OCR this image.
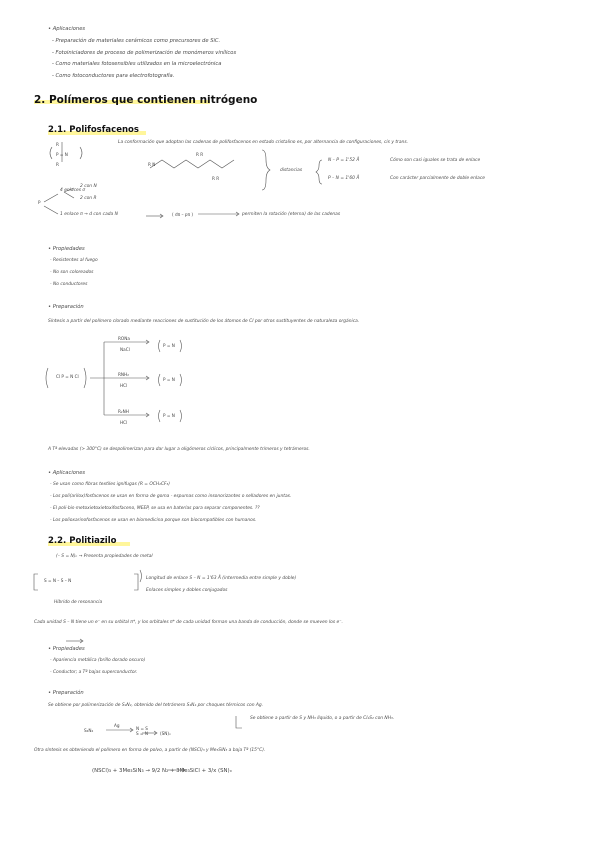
• Aplicaciones
- Preparación de materiales cerámicos como precursores de SiC.
- Fotoiniciadores de proceso de polimerización de monómeros vinílicos
- Como materiales fotosensibles utilizados en la microelectrónica
- Como fotoconductores para electrofotografía.
2. Polímeros que contienen nitrógeno
2.1. Polifosfacenos
La conformación que adoptan las cadenas de polifosfacenos en estado cristalino es, por alternancia de configuraciones, cis y trans.
R
P = N
R	R N
R R
R R
distancias
N – P = 1'52 Å
P – N = 1'60 Å
Cómo son casi iguales se trata de enlace
Con carácter parcialmente de doble enlace
P
4 enlaces σ
2 con N
2 con R
1 enlace π → d con cada N	( dπ – pπ )	permiten la rotación (eterna) de las cadenas
• Propiedades
- Resistentes al fuego
- No son coloreados
- No conductores
• Preparación
Síntesis a partir del polímero clorado mediante reacciones de sustitución de los átomos de Cl por otros sustituyentes de naturaleza orgánica.
Cl P = N Cl
RONa
NaCl
RNH₂
HCl
R₂NH
HCl
P = N
P = N
P = N
A Tª elevadas (> 300°C) se despolimerizan para dar lugar a oligómeros cíclicos, principalmente trímeros y tetrámeros.
• Aplicaciones
- Se usan como fibras textiles ignífugas (R = OCH₂CF₃)
- Los poli(arilox)fosfacenos se usan en forma de goma - espumas como insonorizantes o selladores en juntas.
- El poli-bis-metoxietoxietoxifosfaceno, MEEP, se usa en baterías para separar componentes. ??
- Los polioxarinofosfacenos se usan en biomedicina porque son biocompatibles con humanos.
2.2. Politiazilo
(– S = N)ₙ → Presenta propiedades de metal
S = N – S – N	Longitud de enlace S – N = 1'63 Å (intermedia entre simple y doble)
Enlaces simples y dobles conjugados
Híbrido de resonancia
Cada unidad S – N tiene un e⁻ en su orbital π*, y los orbitales π* de cada unidad forman una banda de conducción, donde se mueven los e⁻.
• Propiedades
- Apariencia metálica (brillo dorado oscuro)
- Conductor; a Tª bajas superconductor.
• Preparación
Se obtiene por polimerización de S₂N₂, obtenido del tetrámero S₄N₄ por choques térmicos con Ag.
Se obtiene a partir de S y NH₃ líquido, o a partir de Cl₂S₂ con NH₃.
S₄N₄
Ag
N = S
S = N	(SN)ₓ
Otra síntesis es obteniendo el polímero en forma de polvo, a partir de (NSCl)₃ y Me₃SiN₃ a baja Tª (15°C).
(NSCl)₃ + 3Me₃SiN₃ → 9/2 N₂ + 3Me₃SiCl + 3/x (SN)ₓ
